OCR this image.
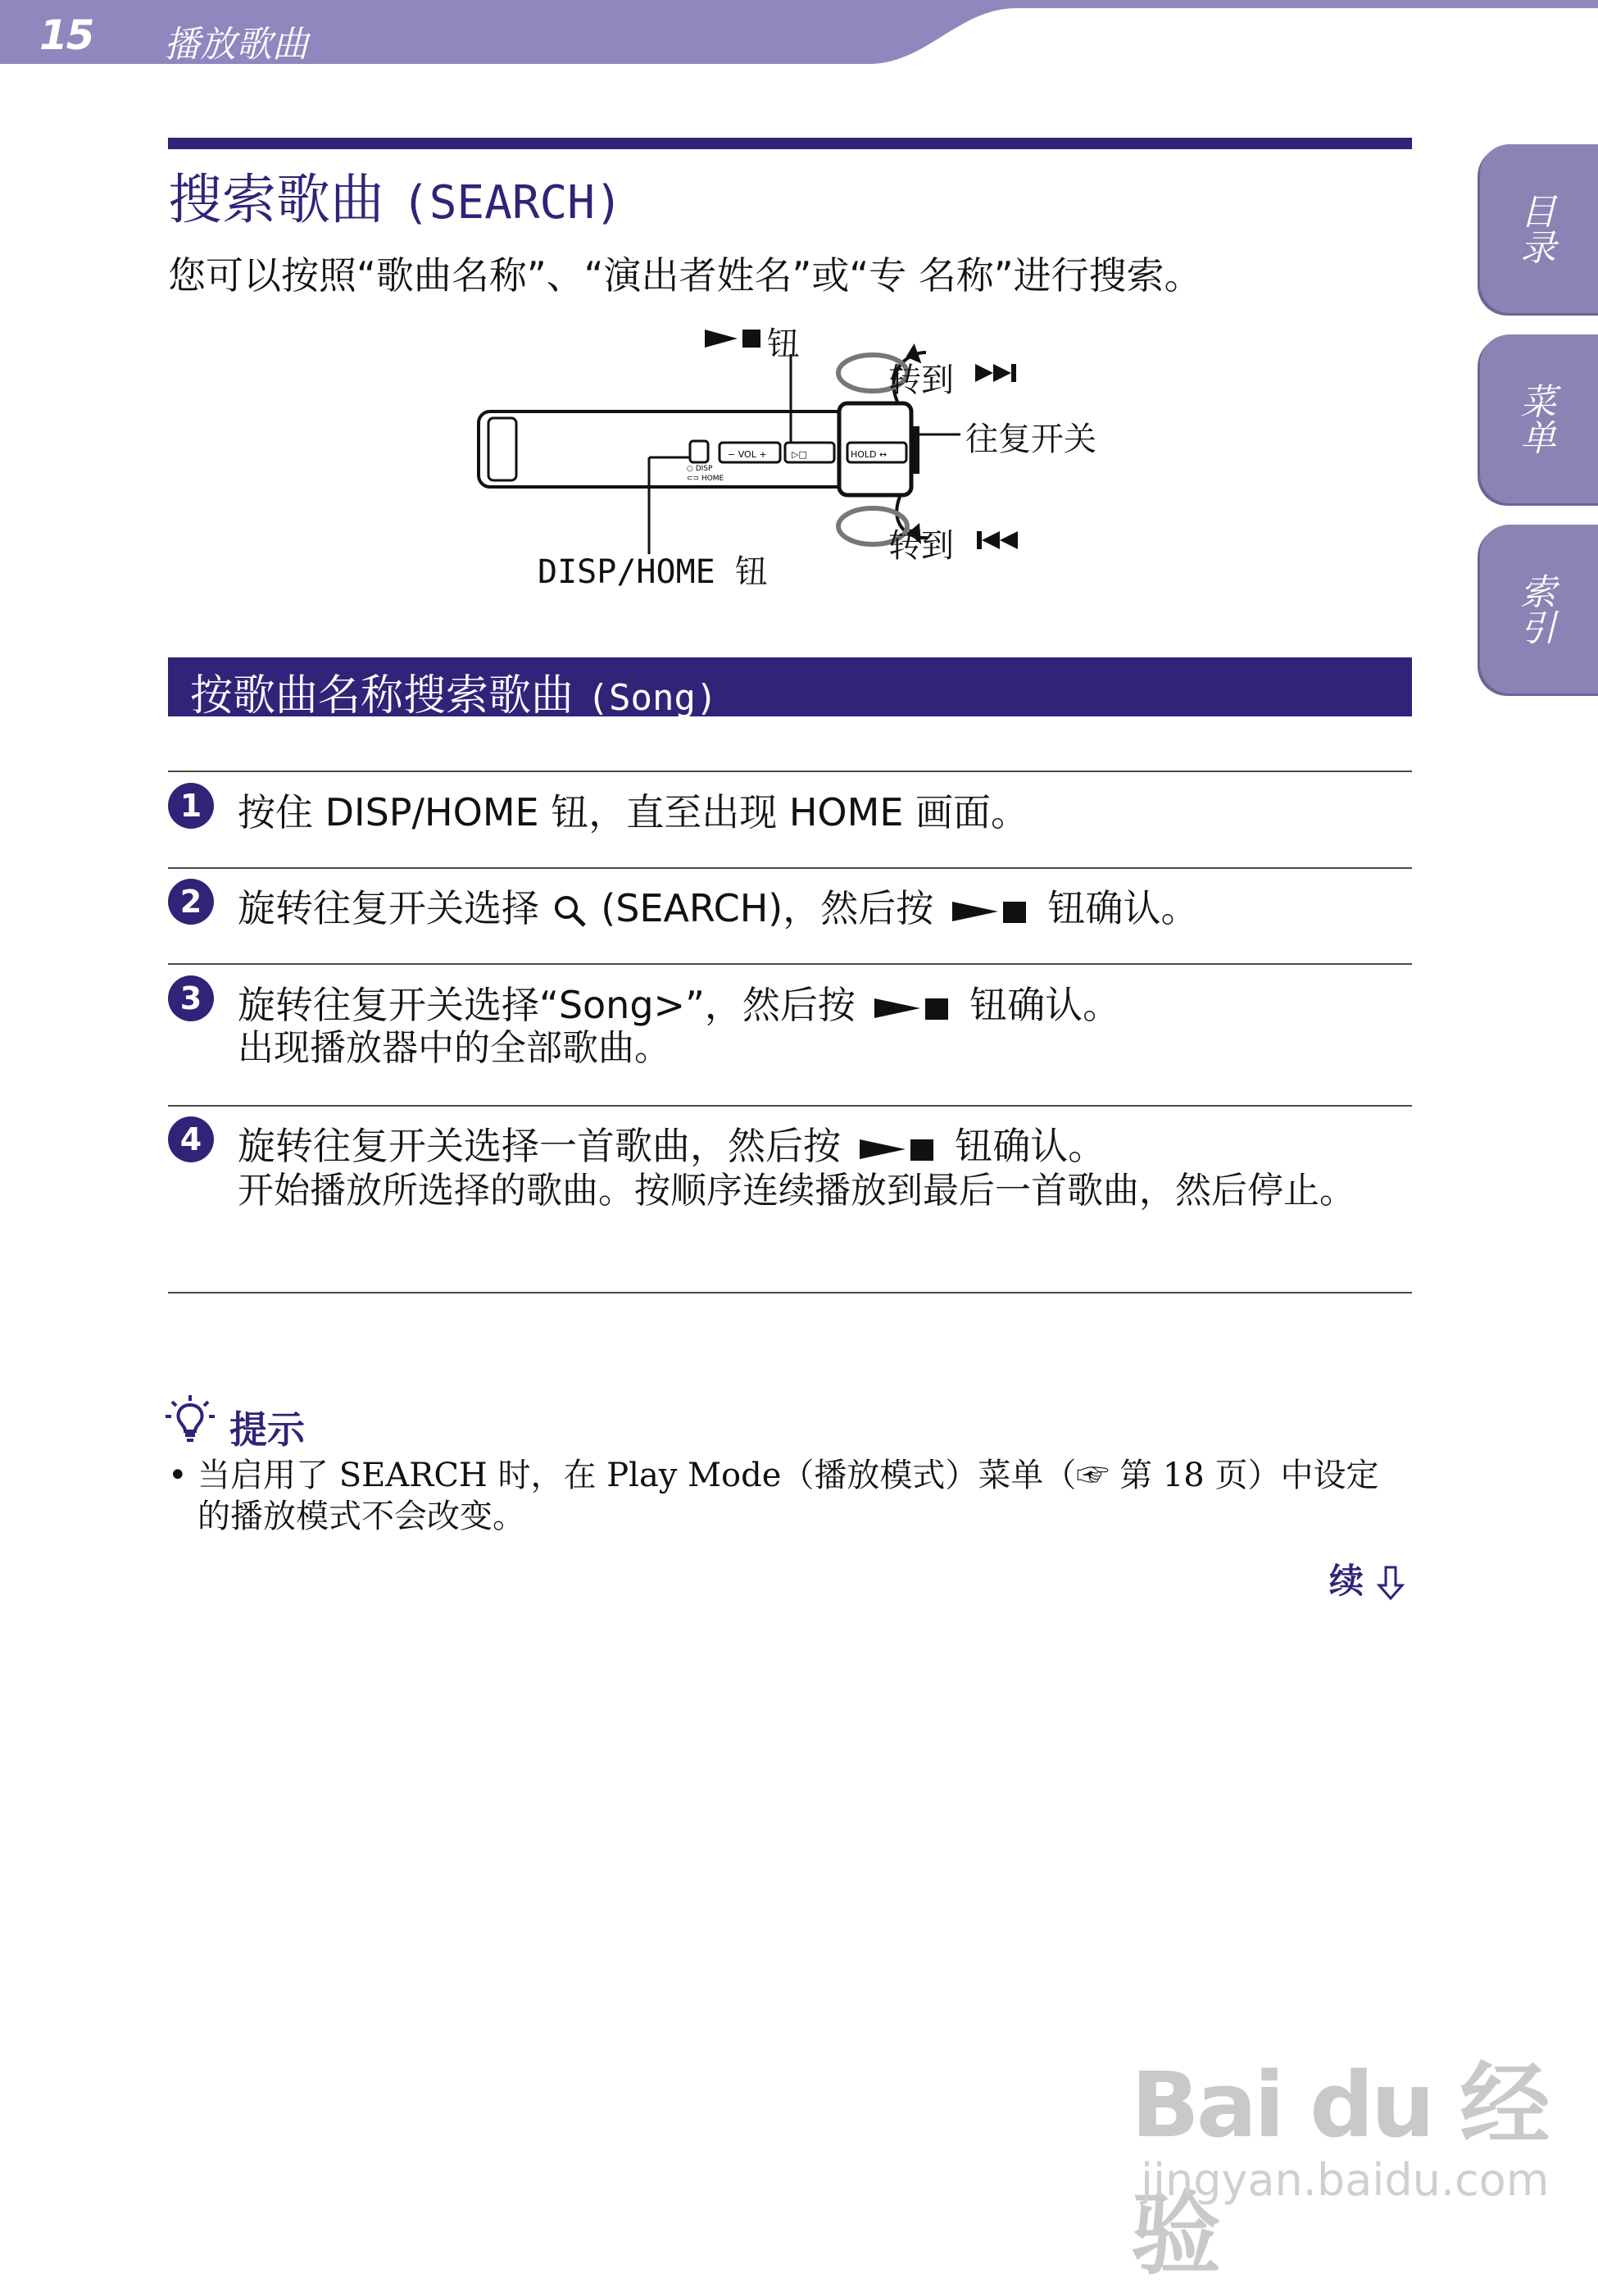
15 播放歌曲
目录
菜单
索引
搜索歌曲 (SEARCH)
您可以按照“歌曲名称”、“演出者姓名”或“专 名称”进行搜索。
○ DISP
⊂⊃ HOME
− VOL +	▷□	HOLD ↔
钮
转到
往复开关
转到
DISP/HOME 钮
按歌曲名称搜索歌曲 (Song)
1 按住 DISP/HOME 钮，直至出现 HOME 画面。
2 旋转往复开关选择 (SEARCH)，然后按	钮确认。
3 旋转往复开关选择“Song>”，然后按	钮确认。
出现播放器中的全部歌曲。
4 旋转往复开关选择一首歌曲，然后按	钮确认。
开始播放所选择的歌曲。按顺序连续播放到最后一首歌曲，然后停止。
提示
• 当启用了 SEARCH 时，在 Play Mode（播放模式）菜单（☞ 第 18 页）中设定的播放模式不会改变。
续
Bai du 经验
jingyan.baidu.com
